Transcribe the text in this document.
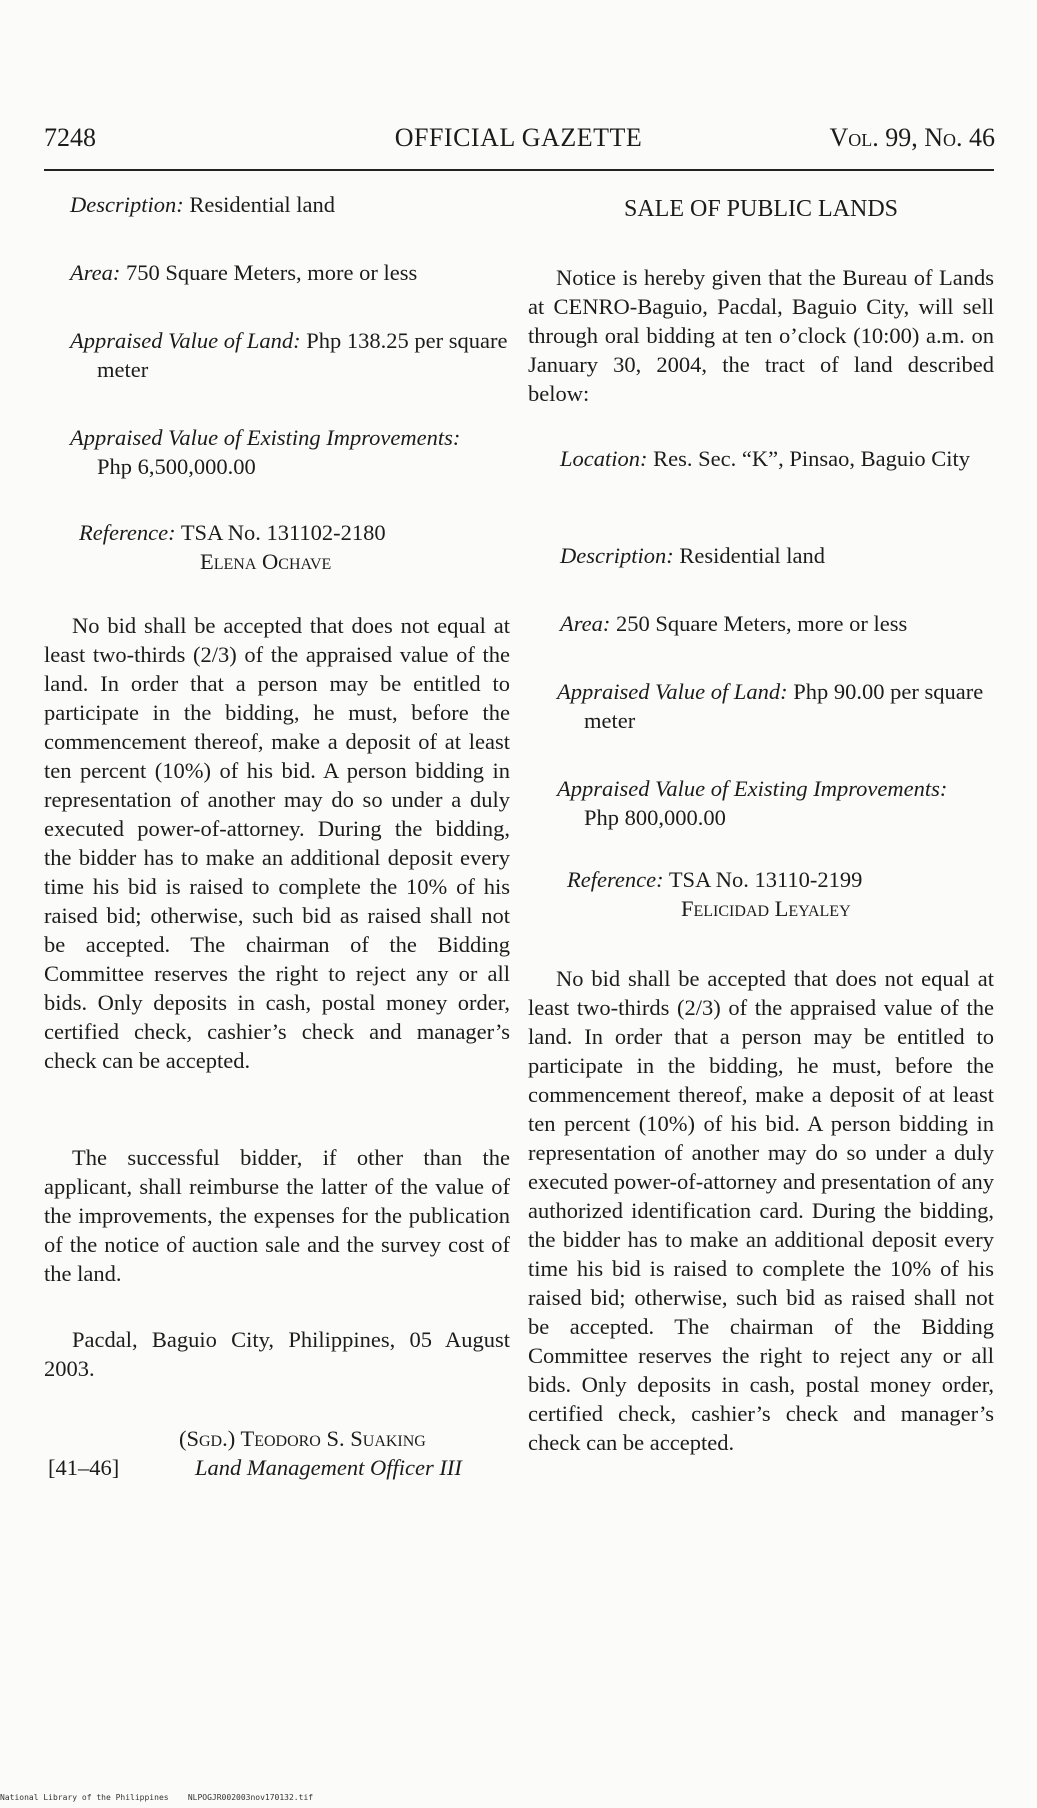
7248	OFFICIAL GAZETTE	Vol. 99, No. 46

Description: Residential land

Area: 750 Square Meters, more or less

Appraised Value of Land: Php 138.25 per square meter

Appraised Value of Existing Improvements:
Php 6,500,000.00
Reference: TSA No. 131102-2180
Elena Ochave

No bid shall be accepted that does not equal at least two-thirds (2/3) of the appraised value of the land. In order that a person may be entitled to participate in the bidding, he must, before the commencement thereof, make a deposit of at least ten percent (10%) of his bid. A person bidding in representation of another may do so under a duly executed power-of-attorney. During the bidding, the bidder has to make an additional deposit every time his bid is raised to complete the 10% of his raised bid; otherwise, such bid as raised shall not be accepted. The chairman of the Bidding Committee reserves the right to reject any or all bids. Only deposits in cash, postal money order, certified check, cashier’s check and manager’s check can be accepted.

The successful bidder, if other than the applicant, shall reimburse the latter of the value of the improvements, the expenses for the publication of the notice of auction sale and the survey cost of the land.

Pacdal, Baguio City, Philippines, 05 August 2003.

(Sgd.) Teodoro S. Suaking
[41–46]	Land Management Officer III
SALE OF PUBLIC LANDS

Notice is hereby given that the Bureau of Lands at CENRO-Baguio, Pacdal, Baguio City, will sell through oral bidding at ten o’clock (10:00) a.m. on January 30, 2004, the tract of land described below:

Location: Res. Sec. “K”, Pinsao, Baguio City

Description: Residential land
Area: 250 Square Meters, more or less

Appraised Value of Land: Php 90.00 per square meter

Appraised Value of Existing Improvements:
Php 800,000.00
Reference: TSA No. 13110-2199
Felicidad Leyaley

No bid shall be accepted that does not equal at least two-thirds (2/3) of the appraised value of the land. In order that a person may be entitled to participate in the bidding, he must, before the commencement thereof, make a deposit of at least ten percent (10%) of his bid. A person bidding in representation of another may do so under a duly executed power-of-attorney and presentation of any authorized identification card. During the bidding, the bidder has to make an additional deposit every time his bid is raised to complete the 10% of his raised bid; otherwise, such bid as raised shall not be accepted. The chairman of the Bidding Committee reserves the right to reject any or all bids. Only deposits in cash, postal money order, certified check, cashier’s check and manager’s check can be accepted.

National Library of the Philippines NLPOGJR002003nov170132.tif
